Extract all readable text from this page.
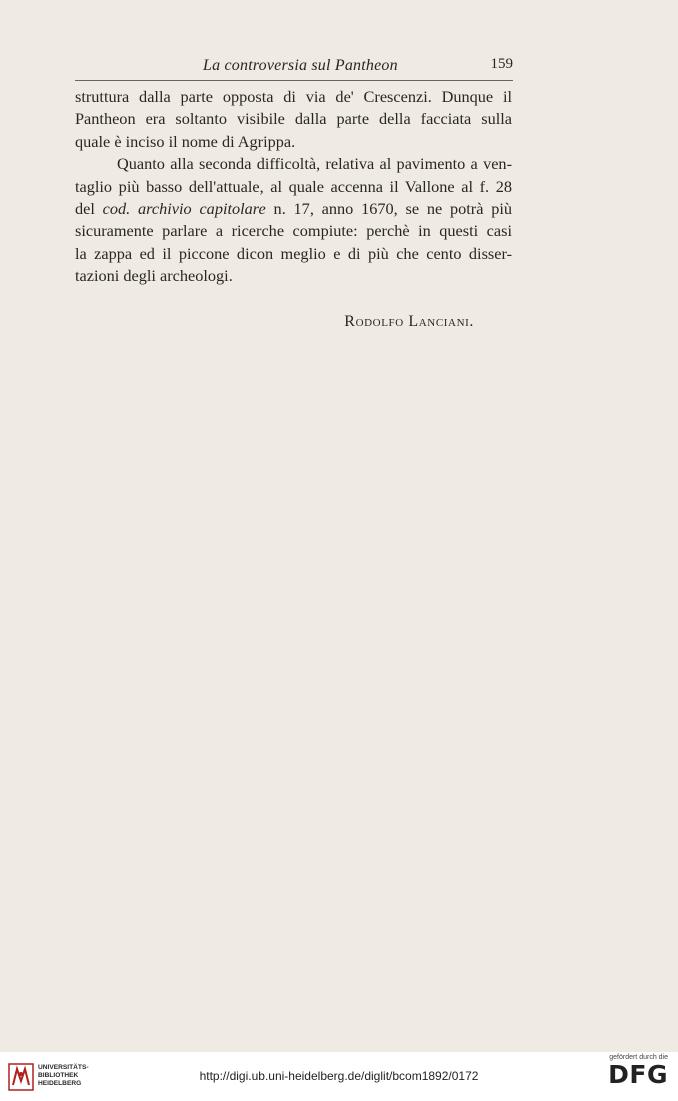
La controversia sul Pantheon	159

struttura dalla parte opposta di via de' Crescenzi. Dunque il
Pantheon era soltanto visibile dalla parte della facciata sulla
quale è inciso il nome di Agrippa.

Quanto alla seconda difficoltà, relativa al pavimento a ven-
taglio più basso dell'attuale, al quale accenna il Vallone al f. 28
del cod. archivio capitolare n. 17, anno 1670, se ne potrà più
sicuramente parlare a ricerche compiute: perchè in questi casi
la zappa ed il piccone dicon meglio e di più che cento disser-
tazioni degli archeologi.

Rodolfo Lanciani.
UNIVERSITÄTS-
BIBLIOTHEK
HEIDELBERG
http://digi.ub.uni-heidelberg.de/diglit/bcom1892/0172
gefördert durch die
DFG
